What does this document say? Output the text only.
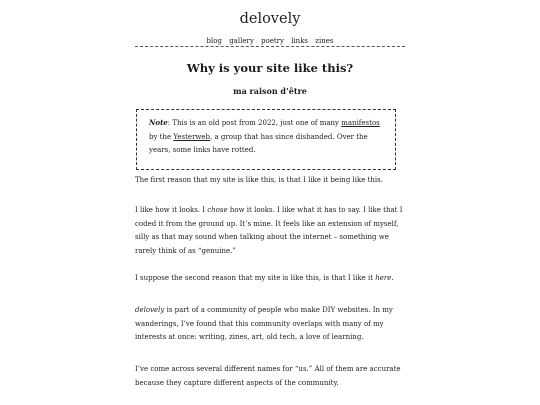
delovely
blog gallery poetry links zines
Why is your site like this?
ma raison d’être
Note: This is an old post from 2022, just one of many manifestos by the Yesterweb, a group that has since disbanded. Over the years, some links have rotted.

The first reason that my site is like this, is that I like it being like this.

I like how it looks. I chose how it looks. I like what it has to say. I like that I coded it from the ground up. It’s mine. It feels like an extension of myself, silly as that may sound when talking about the internet – something we rarely think of as “genuine.”

I suppose the second reason that my site is like this, is that I like it here.

delovely is part of a community of people who make DIY websites. In my wanderings, I’ve found that this community overlaps with many of my interests at once: writing, zines, art, old tech, a love of learning.

I’ve come across several different names for “us.” All of them are accurate because they capture different aspects of the community.
